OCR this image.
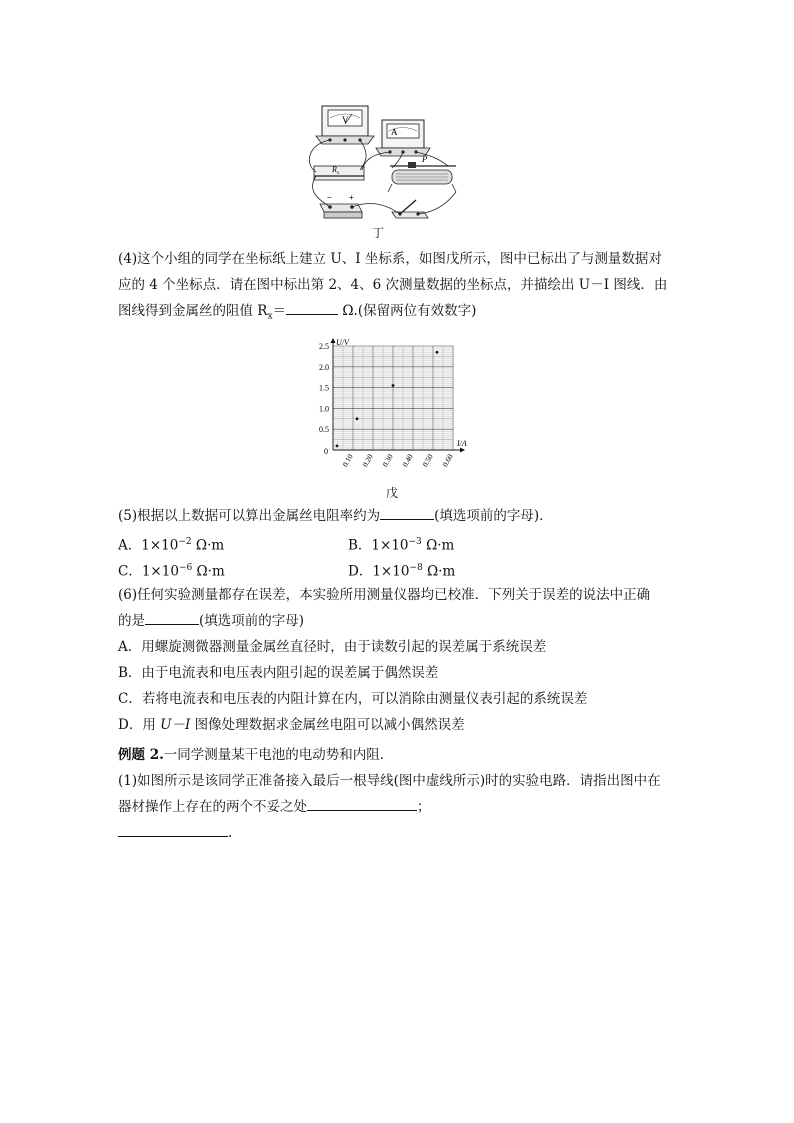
V
A
$R_x$
P
− +
丁
(4)这个小组的同学在坐标纸上建立 U、I 坐标系，如图戊所示，图中已标出了与测量数据对
应的 4 个坐标点．请在图中标出第 2、4、6 次测量数据的坐标点，并描绘出 U－I 图线．由
图线得到金属丝的阻值 $R_x=$	Ω.(保留两位有效数字)
U/V
I/A
0
0.5
1.0
1.5
2.0
2.5
0.10 0.20 0.30 0.40 0.50 0.60
戊
(5)根据以上数据可以算出金属丝电阻率约为	(填选项前的字母)．
A．$1\times 10^{-2}$ Ω·m	B．$1\times 10^{-3}$ Ω·m
C．$1\times 10^{-6}$ Ω·m	D．$1\times 10^{-8}$ Ω·m
(6)任何实验测量都存在误差，本实验所用测量仪器均已校准．下列关于误差的说法中正确
的是	(填选项前的字母)
A．用螺旋测微器测量金属丝直径时，由于读数引起的误差属于系统误差
B．由于电流表和电压表内阻引起的误差属于偶然误差
C．若将电流表和电压表的内阻计算在内，可以消除由测量仪表引起的系统误差
D．用 U－I 图像处理数据求金属丝电阻可以减小偶然误差
例题 2.一同学测量某干电池的电动势和内阻．
(1)如图所示是该同学正准备接入最后一根导线(图中虚线所示)时的实验电路．请指出图中在
器材操作上存在的两个不妥之处	；
.
